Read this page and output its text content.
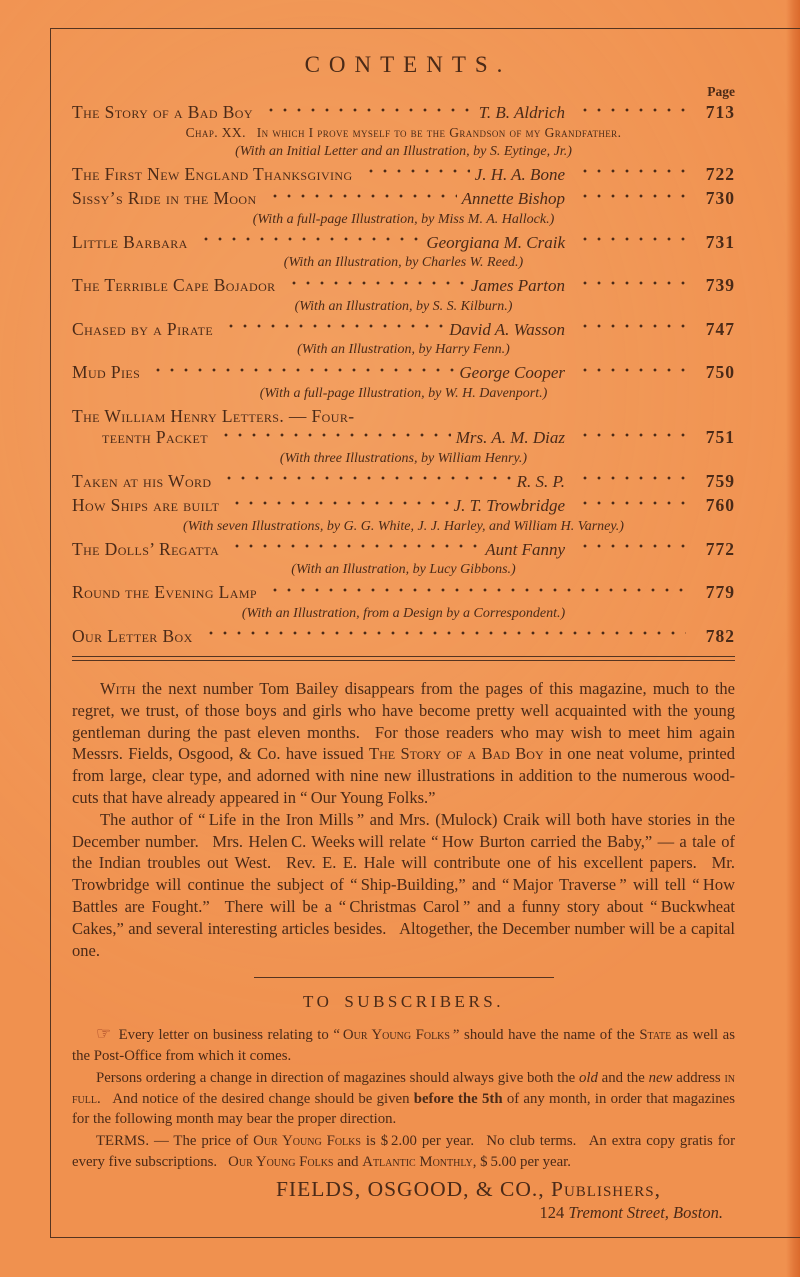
CONTENTS.
Page
The Story of a Bad Boy	T. B. Aldrich	713
Chap. XX.  In which I prove myself to be the Grandson of my Grandfather.
(With an Initial Letter and an Illustration, by S. Eytinge, Jr.)
The First New England Thanksgiving	J. H. A. Bone	722
Sissy’s Ride in the Moon	Annette Bishop	730
(With a full-page Illustration, by Miss M. A. Hallock.)
Little Barbara	Georgiana M. Craik	731
(With an Illustration, by Charles W. Reed.)
The Terrible Cape Bojador	James Parton	739
(With an Illustration, by S. S. Kilburn.)
Chased by a Pirate	David A. Wasson	747
(With an Illustration, by Harry Fenn.)
Mud Pies	George Cooper	750
(With a full-page Illustration, by W. H. Davenport.)
The William Henry Letters. — Four-
teenth Packet	Mrs. A. M. Diaz	751
(With three Illustrations, by William Henry.)
Taken at his Word	R. S. P.	759
How Ships are built	J. T. Trowbridge	760
(With seven Illustrations, by G. G. White, J. J. Harley, and William H. Varney.)
The Dolls’ Regatta	Aunt Fanny	772
(With an Illustration, by Lucy Gibbons.)
Round the Evening Lamp	779
(With an Illustration, from a Design by a Correspondent.)
Our Letter Box	782

With the next number Tom Bailey disappears from the pages of this magazine, much to the regret, we trust, of those boys and girls who have become pretty well acquainted with the young gentleman during the past eleven months.  For those readers who may wish to meet him again Messrs. Fields, Osgood, & Co. have issued The Story of a Bad Boy in one neat volume, printed from large, clear type, and adorned with nine new illustrations in addition to the numerous wood-cuts that have already appeared in “ Our Young Folks.”

The author of “ Life in the Iron Mills ” and Mrs. (Mulock) Craik will both have stories in the December number.  Mrs. Helen C. Weeks will relate “ How Burton carried the Baby,” — a tale of the Indian troubles out West.  Rev. E. E. Hale will contribute one of his excellent papers.  Mr. Trowbridge will continue the subject of “ Ship-Building,” and “ Major Traverse ” will tell “ How Battles are Fought.”  There will be a “ Christmas Carol ” and a funny story about “ Buckwheat Cakes,” and several interesting articles besides.  Altogether, the December number will be a capital one.

TO SUBSCRIBERS.

☞ Every letter on business relating to “ Our Young Folks ” should have the name of the State as well as the Post-Office from which it comes.

Persons ordering a change in direction of magazines should always give both the old and the new address in full.  And notice of the desired change should be given before the 5th of any month, in order that magazines for the following month may bear the proper direction.

TERMS. — The price of Our Young Folks is $ 2.00 per year.  No club terms.  An extra copy gratis for every five subscriptions.  Our Young Folks and Atlantic Monthly, $ 5.00 per year.

FIELDS, OSGOOD, & CO., Publishers,
124 Tremont Street, Boston.
